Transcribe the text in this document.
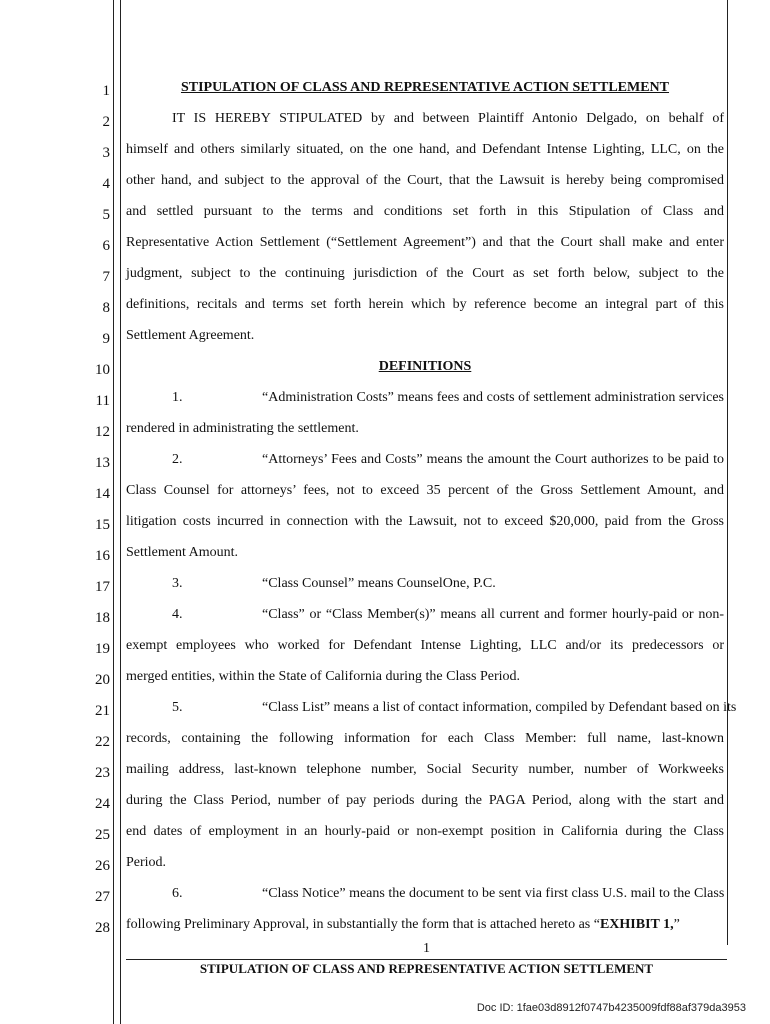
1
2
3
4
5
6
7
8
9
10
11
12
13
14
15
16
17
18
19
20
21
22
23
24
25
26
27
28
STIPULATION OF CLASS AND REPRESENTATIVE ACTION SETTLEMENT
IT IS HEREBY STIPULATED by and between Plaintiff Antonio Delgado, on behalf of
himself and others similarly situated, on the one hand, and Defendant Intense Lighting, LLC, on the
other hand, and subject to the approval of the Court, that the Lawsuit is hereby being compromised
and settled pursuant to the terms and conditions set forth in this Stipulation of Class and
Representative Action Settlement (“Settlement Agreement”) and that the Court shall make and enter
judgment, subject to the continuing jurisdiction of the Court as set forth below, subject to the
definitions, recitals and terms set forth herein which by reference become an integral part of this
Settlement Agreement.
DEFINITIONS
1.	“Administration Costs” means fees and costs of settlement administration services
rendered in administrating the settlement.
2.	“Attorneys’ Fees and Costs” means the amount the Court authorizes to be paid to
Class Counsel for attorneys’ fees, not to exceed 35 percent of the Gross Settlement Amount, and
litigation costs incurred in connection with the Lawsuit, not to exceed $20,000, paid from the Gross
Settlement Amount.
3.	“Class Counsel” means CounselOne, P.C.
4.	“Class” or “Class Member(s)” means all current and former hourly-paid or non-
exempt employees who worked for Defendant Intense Lighting, LLC and/or its predecessors or
merged entities, within the State of California during the Class Period.
5.	“Class List” means a list of contact information, compiled by Defendant based on its
records, containing the following information for each Class Member: full name, last-known
mailing address, last-known telephone number, Social Security number, number of Workweeks
during the Class Period, number of pay periods during the PAGA Period, along with the start and
end dates of employment in an hourly-paid or non-exempt position in California during the Class
Period.
6.	“Class Notice” means the document to be sent via first class U.S. mail to the Class
following Preliminary Approval, in substantially the form that is attached hereto as “EXHIBIT 1,”
1
STIPULATION OF CLASS AND REPRESENTATIVE ACTION SETTLEMENT
Doc ID: 1fae03d8912f0747b4235009fdf88af379da3953
